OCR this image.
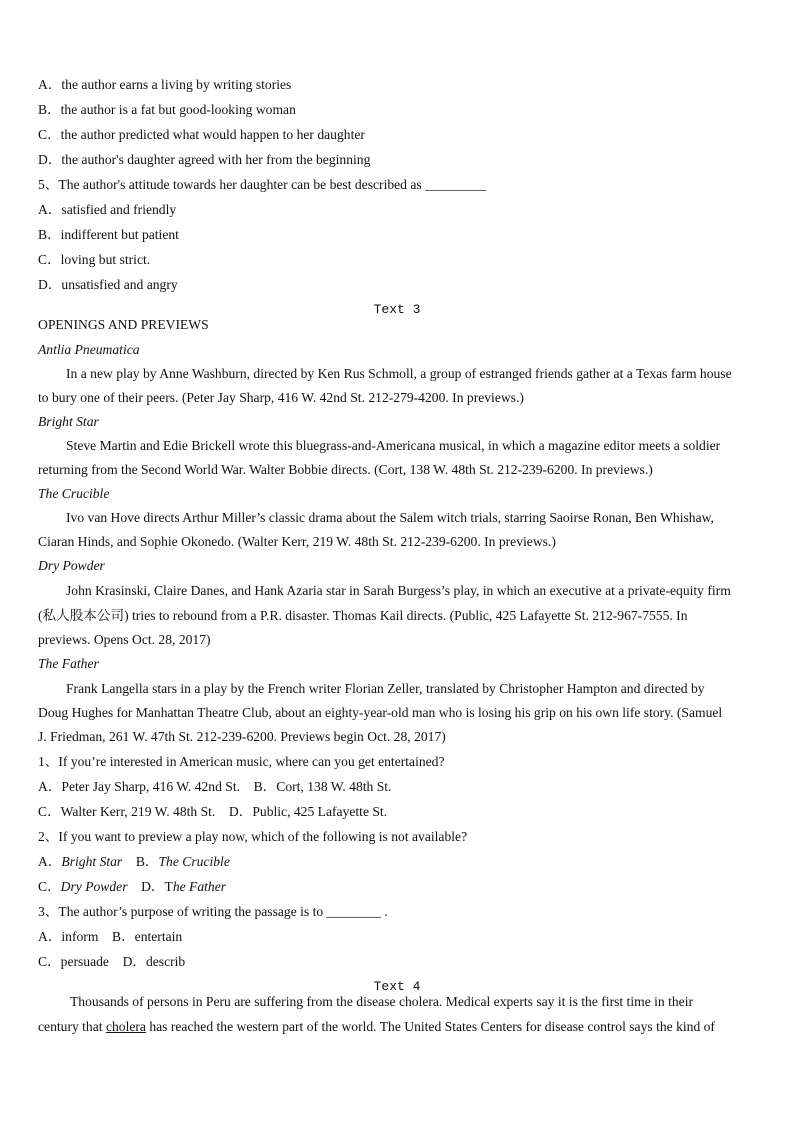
A．the author earns a living by writing stories
B．the author is a fat but good-looking woman
C．the author predicted what would happen to her daughter
D．the author's daughter agreed with her from the beginning
5、The author's attitude towards her daughter can be best described as _________
A．satisfied and friendly
B．indifferent but patient
C．loving but strict.
D．unsatisfied and angry
Text 3
OPENINGS AND PREVIEWS
Antlia Pneumatica
In a new play by Anne Washburn, directed by Ken Rus Schmoll, a group of estranged friends gather at a Texas farm house
to bury one of their peers. (Peter Jay Sharp, 416 W. 42nd St. 212-279-4200. In previews.)
Bright Star
Steve Martin and Edie Brickell wrote this bluegrass-and-Americana musical, in which a magazine editor meets a soldier
returning from the Second World War. Walter Bobbie directs. (Cort, 138 W. 48th St. 212-239-6200. In previews.)
The Crucible
Ivo van Hove directs Arthur Miller’s classic drama about the Salem witch trials, starring Saoirse Ronan, Ben Whishaw,
Ciaran Hinds, and Sophie Okonedo. (Walter Kerr, 219 W. 48th St. 212-239-6200. In previews.)
Dry Powder
John Krasinski, Claire Danes, and Hank Azaria star in Sarah Burgess’s play, in which an executive at a private-equity firm
(私人股本公司) tries to rebound from a P.R. disaster. Thomas Kail directs. (Public, 425 Lafayette St. 212-967-7555. In
previews. Opens Oct. 28, 2017)
The Father
Frank Langella stars in a play by the French writer Florian Zeller, translated by Christopher Hampton and directed by
Doug Hughes for Manhattan Theatre Club, about an eighty-year-old man who is losing his grip on his own life story. (Samuel
J. Friedman, 261 W. 47th St. 212-239-6200. Previews begin Oct. 28, 2017)
1、If you’re interested in American music, where can you get entertained?
A．Peter Jay Sharp, 416 W. 42nd St.　B．Cort, 138 W. 48th St.
C．Walter Kerr, 219 W. 48th St.　D．Public, 425 Lafayette St.
2、If you want to preview a play now, which of the following is not available?
A．Bright Star　B．The Crucible
C．Dry Powder　D．The Father
3、The author’s purpose of writing the passage is to ________ .
A．inform　B．entertain
C．persuade　D．describ
Text 4
Thousands of persons in Peru are suffering from the disease cholera. Medical experts say it is the first time in their
century that cholera has reached the western part of the world. The United States Centers for disease control says the kind of
